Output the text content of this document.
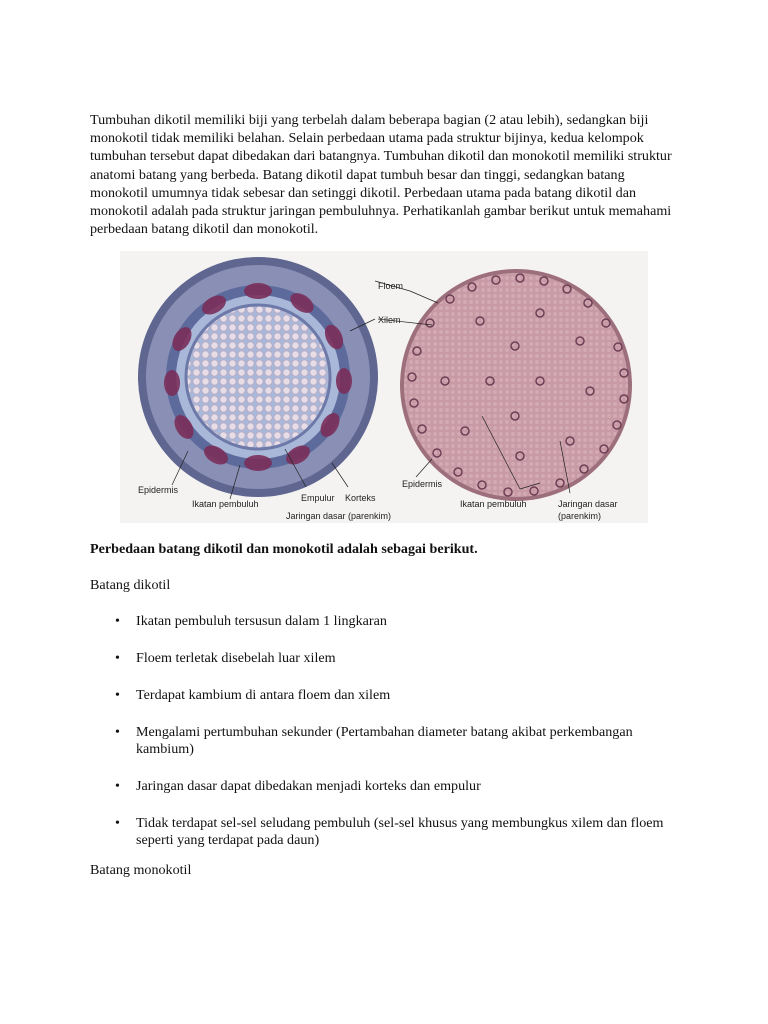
Tumbuhan dikotil memiliki biji yang terbelah dalam beberapa bagian (2 atau lebih), sedangkan biji monokotil tidak memiliki belahan. Selain perbedaan utama pada struktur bijinya, kedua kelompok tumbuhan tersebut dapat dibedakan dari batangnya. Tumbuhan dikotil dan monokotil memiliki struktur anatomi batang yang berbeda. Batang dikotil dapat tumbuh besar dan tinggi, sedangkan batang monokotil umumnya tidak sebesar dan setinggi dikotil. Perbedaan utama pada batang dikotil dan monokotil adalah pada struktur jaringan pembuluhnya. Perhatikanlah gambar berikut untuk memahami perbedaan batang dikotil dan monokotil.

Floem
Xilem
Epidermis
Ikatan pembuluh
Empulur Korteks
Jaringan dasar (parenkim)
Epidermis
Ikatan pembuluh	Jaringan dasar
(parenkim)

Perbedaan batang dikotil dan monokotil adalah sebagai berikut.

Batang dikotil

• Ikatan pembuluh tersusun dalam 1 lingkaran
• Floem terletak disebelah luar xilem
• Terdapat kambium di antara floem dan xilem
• Mengalami pertumbuhan sekunder (Pertambahan diameter batang akibat perkembangan kambium)
• Jaringan dasar dapat dibedakan menjadi korteks dan empulur
• Tidak terdapat sel-sel seludang pembuluh (sel-sel khusus yang membungkus xilem dan floem seperti yang terdapat pada daun)

Batang monokotil
